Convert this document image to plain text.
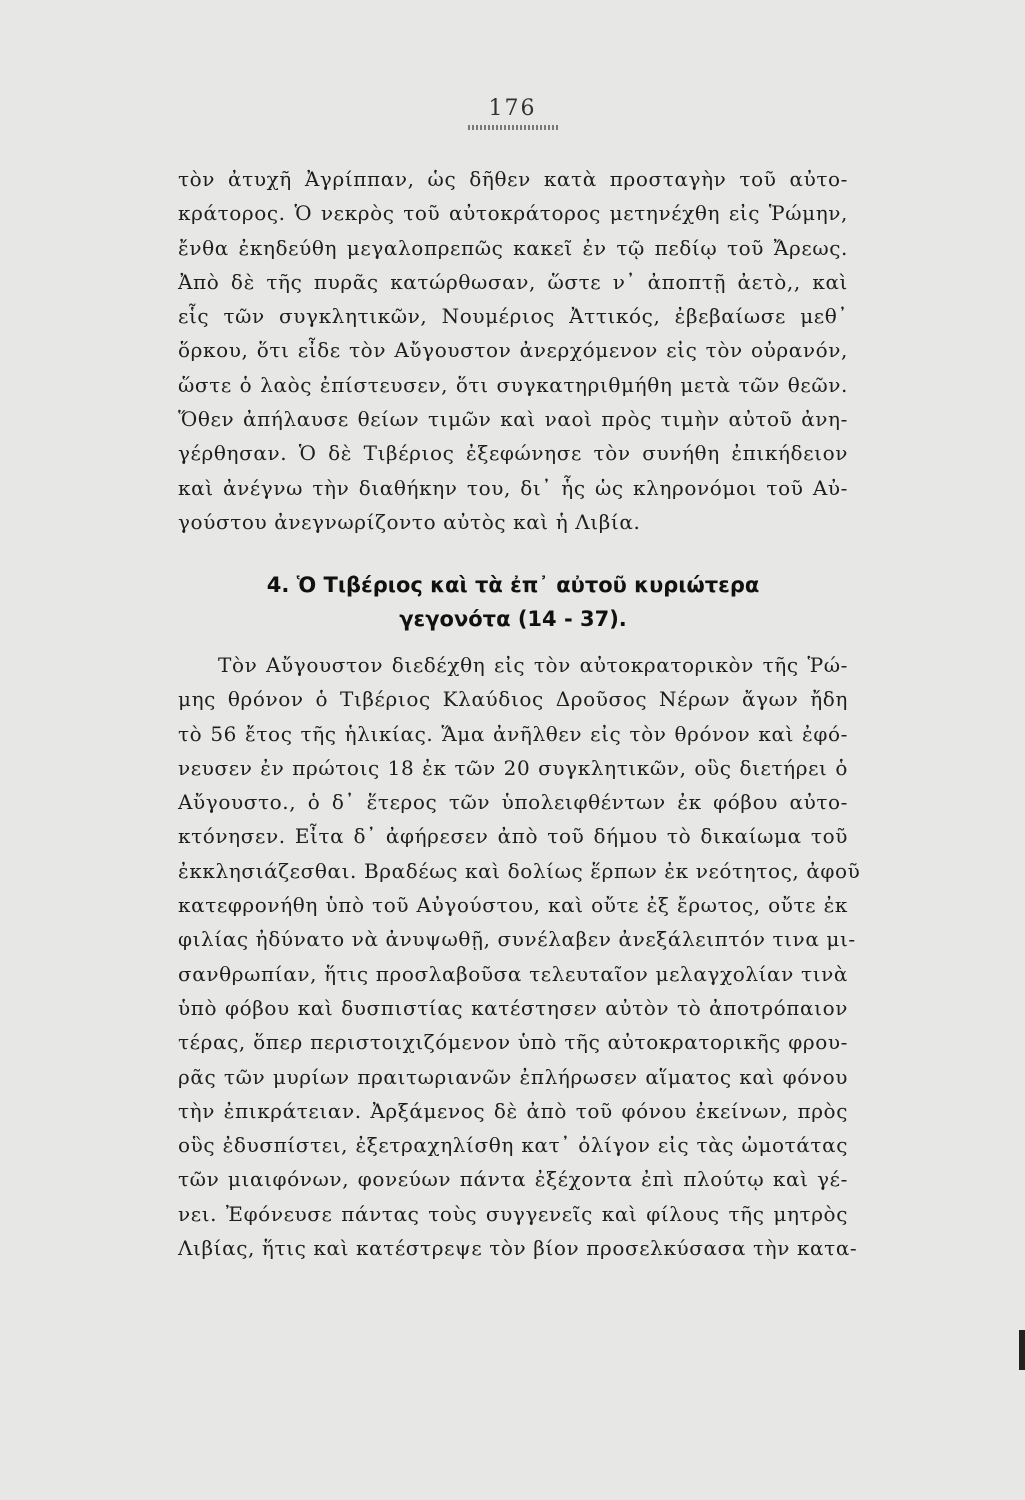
176
τὸν ἀτυχῆ Ἀγρίππαν, ὡς δῆθεν κατὰ προσταγὴν τοῦ αὐτο-
κράτορος. Ὁ νεκρὸς τοῦ αὐτοκράτορος μετηνέχθη εἰς Ῥώμην,
ἔνθα ἐκηδεύθη μεγαλοπρεπῶς κακεῖ ἐν τῷ πεδίῳ τοῦ Ἄρεως.
Ἀπὸ δὲ τῆς πυρᾶς κατώρθωσαν, ὥστε ν᾽ ἀποπτῇ ἀετὸ,, καὶ
εἷς τῶν συγκλητικῶν, Νουμέριος Ἀττικός, ἐβεβαίωσε μεθ᾽
ὅρκου, ὅτι εἶδε τὸν Αὔγουστον ἀνερχόμενον εἰς τὸν οὐρανόν,
ὥστε ὁ λαὸς ἐπίστευσεν, ὅτι συγκατηριθμήθη μετὰ τῶν θεῶν.
Ὅθεν ἀπήλαυσε θείων τιμῶν καὶ ναοὶ πρὸς τιμὴν αὐτοῦ ἀνη-
γέρθησαν. Ὁ δὲ Τιβέριος ἐξεφώνησε τὸν συνήθη ἐπικήδειον
καὶ ἀνέγνω τὴν διαθήκην του, δι᾽ ἧς ὡς κληρονόμοι τοῦ Αὐ-
γούστου ἀνεγνωρίζοντο αὐτὸς καὶ ἡ Λιβία.
4. Ὁ Τιβέριος καὶ τὰ ἐπ᾽ αὐτοῦ κυριώτερα
γεγονότα (14 - 37).
Τὸν Αὔγουστον διεδέχθη εἰς τὸν αὐτοκρατορικὸν τῆς Ῥώ-
μης θρόνον ὁ Τιβέριος Κλαύδιος Δροῦσος Νέρων ἄγων ἤδη
τὸ 56 ἔτος τῆς ἡλικίας. Ἅμα ἀνῆλθεν εἰς τὸν θρόνον καὶ ἐφό-
νευσεν ἐν πρώτοις 18 ἐκ τῶν 20 συγκλητικῶν, οὓς διετήρει ὁ
Αὔγουστο., ὁ δ᾽ ἕτερος τῶν ὑπολειφθέντων ἐκ φόβου αὐτο-
κτόνησεν. Εἶτα δ᾽ ἀφήρεσεν ἀπὸ τοῦ δήμου τὸ δικαίωμα τοῦ
ἐκκλησιάζεσθαι. Βραδέως καὶ δολίως ἕρπων ἐκ νεότητος, ἀφοῦ
κατεφρονήθη ὑπὸ τοῦ Αὐγούστου, καὶ οὔτε ἐξ ἔρωτος, οὔτε ἐκ
φιλίας ἠδύνατο νὰ ἀνυψωθῇ, συνέλαβεν ἀνεξάλειπτόν τινα μι-
σανθρωπίαν, ἥτις προσλαβοῦσα τελευταῖον μελαγχολίαν τινὰ
ὑπὸ φόβου καὶ δυσπιστίας κατέστησεν αὐτὸν τὸ ἀποτρόπαιον
τέρας, ὅπερ περιστοιχιζόμενον ὑπὸ τῆς αὐτοκρατορικῆς φρου-
ρᾶς τῶν μυρίων πραιτωριανῶν ἐπλήρωσεν αἵματος καὶ φόνου
τὴν ἐπικράτειαν. Ἀρξάμενος δὲ ἀπὸ τοῦ φόνου ἐκείνων, πρὸς
οὓς ἐδυσπίστει, ἐξετραχηλίσθη κατ᾽ ὀλίγον εἰς τὰς ὠμοτάτας
τῶν μιαιφόνων, φονεύων πάντα ἐξέχοντα ἐπὶ πλούτῳ καὶ γέ-
νει. Ἐφόνευσε πάντας τοὺς συγγενεῖς καὶ φίλους τῆς μητρὸς
Λιβίας, ἥτις καὶ κατέστρεψε τὸν βίον προσελκύσασα τὴν κατα-
